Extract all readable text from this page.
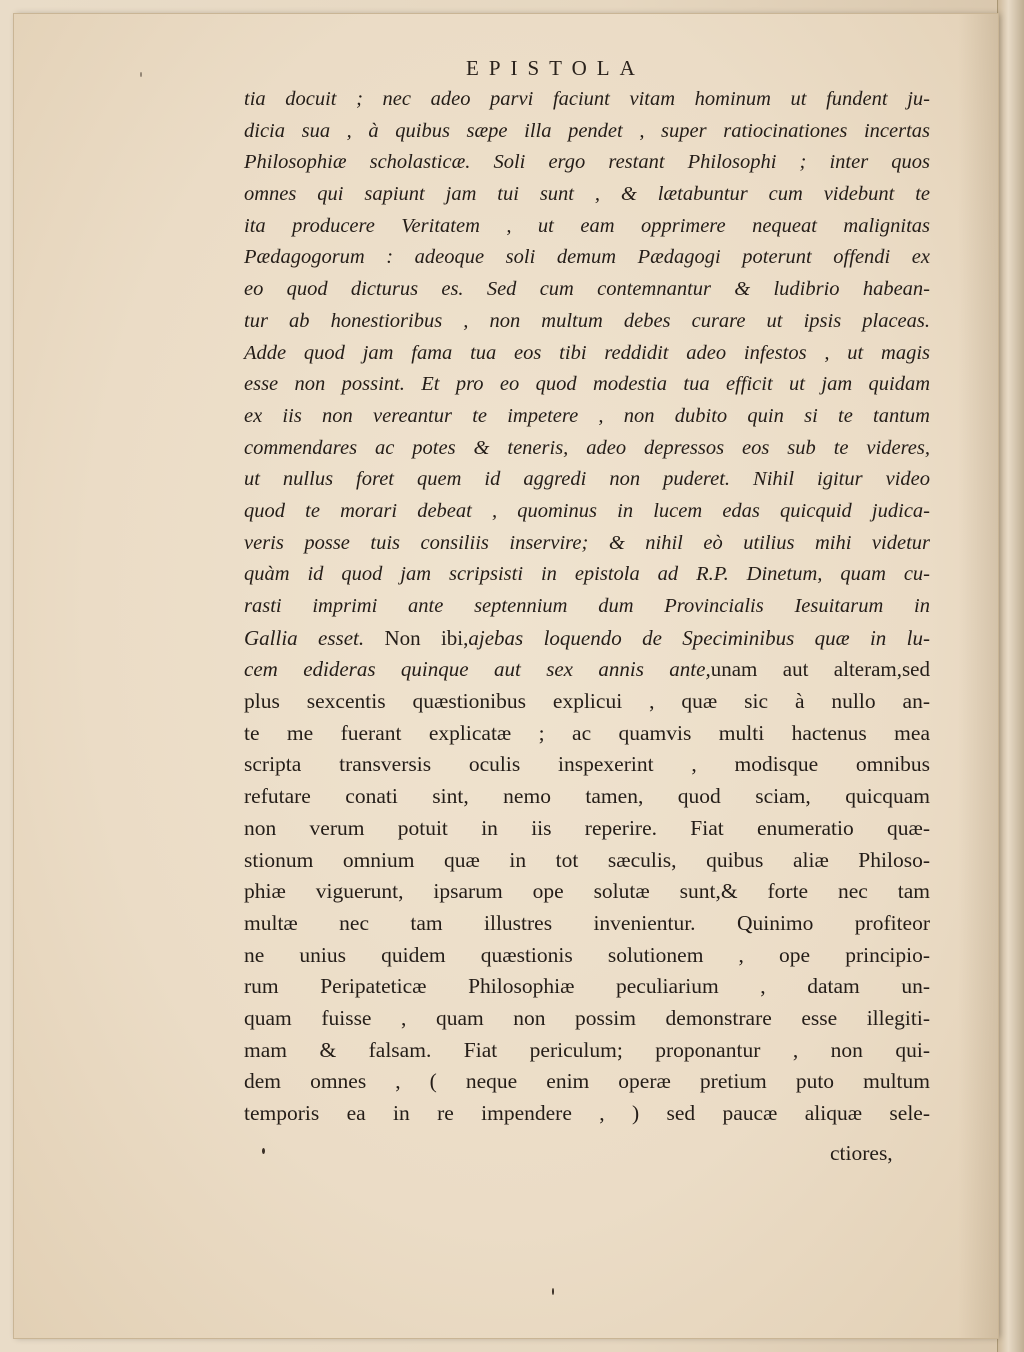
EPISTOLA
tia docuit ; nec adeo parvi faciunt vitam hominum ut fundent ju-
dicia sua , à quibus sæpe illa pendet , super ratiocinationes incertas
Philosophiæ scholasticæ. Soli ergo restant Philosophi ; inter quos
omnes qui sapiunt jam tui sunt , & lætabuntur cum videbunt te
ita producere Veritatem , ut eam opprimere nequeat malignitas
Pædagogorum : adeoque soli demum Pædagogi poterunt offendi ex
eo quod dicturus es. Sed cum contemnantur & ludibrio habean-
tur ab honestioribus , non multum debes curare ut ipsis placeas.
Adde quod jam fama tua eos tibi reddidit adeo infestos , ut magis
esse non possint. Et pro eo quod modestia tua efficit ut jam quidam
ex iis non vereantur te impetere , non dubito quin si te tantum
commendares ac potes & teneris, adeo depressos eos sub te videres,
ut nullus foret quem id aggredi non puderet. Nihil igitur video
quod te morari debeat , quominus in lucem edas quicquid judica-
veris posse tuis consiliis inservire; & nihil eò utilius mihi videtur
quàm id quod jam scripsisti in epistola ad R.P. Dinetum, quam cu-
rasti imprimi ante septennium dum Provincialis Iesuitarum in
Gallia esset. Non ibi,ajebas loquendo de Speciminibus quæ in lu-
cem edideras quinque aut sex annis ante,unam aut alteram,sed
plus sexcentis quæstionibus explicui , quæ sic à nullo an-
te me fuerant explicatæ ; ac quamvis multi hactenus mea
scripta transversis oculis inspexerint , modisque omnibus
refutare conati sint, nemo tamen, quod sciam, quicquam
non verum potuit in iis reperire. Fiat enumeratio quæ-
stionum omnium quæ in tot sæculis, quibus aliæ Philoso-
phiæ viguerunt, ipsarum ope solutæ sunt,& forte nec tam
multæ nec tam illustres invenientur. Quinimo profiteor
ne unius quidem quæstionis solutionem , ope principio-
rum Peripateticæ Philosophiæ peculiarium , datam un-
quam fuisse , quam non possim demonstrare esse illegiti-
mam & falsam. Fiat periculum; proponantur , non qui-
dem omnes , ( neque enim operæ pretium puto multum
temporis ea in re impendere , ) sed paucæ aliquæ sele-
ctiores,
